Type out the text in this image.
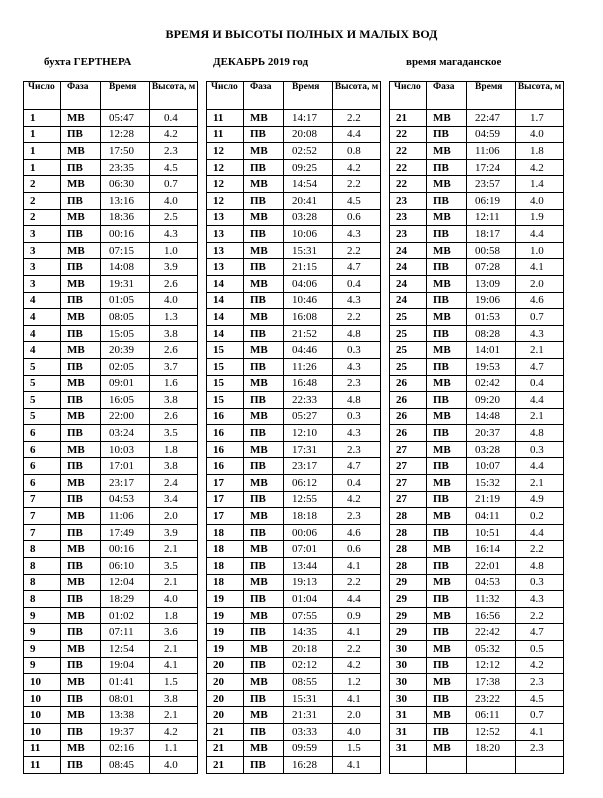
ВРЕМЯ И ВЫСОТЫ ПОЛНЫХ И МАЛЫХ ВОД
бухта ГЕРТНЕРА	ДЕКАБРЬ 2019 год	время магаданское
Число	Фаза	Время	Высота, м		Число	Фаза	Время	Высота, м		Число	Фаза	Время	Высота, м
1	МВ	05:47	0.4		11	МВ	14:17	2.2		21	МВ	22:47	1.7
1	ПВ	12:28	4.2		11	ПВ	20:08	4.4		22	ПВ	04:59	4.0
1	МВ	17:50	2.3		12	МВ	02:52	0.8		22	МВ	11:06	1.8
1	ПВ	23:35	4.5		12	ПВ	09:25	4.2		22	ПВ	17:24	4.2
2	МВ	06:30	0.7		12	МВ	14:54	2.2		22	МВ	23:57	1.4
2	ПВ	13:16	4.0		12	ПВ	20:41	4.5		23	ПВ	06:19	4.0
2	МВ	18:36	2.5		13	МВ	03:28	0.6		23	МВ	12:11	1.9
3	ПВ	00:16	4.3		13	ПВ	10:06	4.3		23	ПВ	18:17	4.4
3	МВ	07:15	1.0		13	МВ	15:31	2.2		24	МВ	00:58	1.0
3	ПВ	14:08	3.9		13	ПВ	21:15	4.7		24	ПВ	07:28	4.1
3	МВ	19:31	2.6		14	МВ	04:06	0.4		24	МВ	13:09	2.0
4	ПВ	01:05	4.0		14	ПВ	10:46	4.3		24	ПВ	19:06	4.6
4	МВ	08:05	1.3		14	МВ	16:08	2.2		25	МВ	01:53	0.7
4	ПВ	15:05	3.8		14	ПВ	21:52	4.8		25	ПВ	08:28	4.3
4	МВ	20:39	2.6		15	МВ	04:46	0.3		25	МВ	14:01	2.1
5	ПВ	02:05	3.7		15	ПВ	11:26	4.3		25	ПВ	19:53	4.7
5	МВ	09:01	1.6		15	МВ	16:48	2.3		26	МВ	02:42	0.4
5	ПВ	16:05	3.8		15	ПВ	22:33	4.8		26	ПВ	09:20	4.4
5	МВ	22:00	2.6		16	МВ	05:27	0.3		26	МВ	14:48	2.1
6	ПВ	03:24	3.5		16	ПВ	12:10	4.3		26	ПВ	20:37	4.8
6	МВ	10:03	1.8		16	МВ	17:31	2.3		27	МВ	03:28	0.3
6	ПВ	17:01	3.8		16	ПВ	23:17	4.7		27	ПВ	10:07	4.4
6	МВ	23:17	2.4		17	МВ	06:12	0.4		27	МВ	15:32	2.1
7	ПВ	04:53	3.4		17	ПВ	12:55	4.2		27	ПВ	21:19	4.9
7	МВ	11:06	2.0		17	МВ	18:18	2.3		28	МВ	04:11	0.2
7	ПВ	17:49	3.9		18	ПВ	00:06	4.6		28	ПВ	10:51	4.4
8	МВ	00:16	2.1		18	МВ	07:01	0.6		28	МВ	16:14	2.2
8	ПВ	06:10	3.5		18	ПВ	13:44	4.1		28	ПВ	22:01	4.8
8	МВ	12:04	2.1		18	МВ	19:13	2.2		29	МВ	04:53	0.3
8	ПВ	18:29	4.0		19	ПВ	01:04	4.4		29	ПВ	11:32	4.3
9	МВ	01:02	1.8		19	МВ	07:55	0.9		29	МВ	16:56	2.2
9	ПВ	07:11	3.6		19	ПВ	14:35	4.1		29	ПВ	22:42	4.7
9	МВ	12:54	2.1		19	МВ	20:18	2.2		30	МВ	05:32	0.5
9	ПВ	19:04	4.1		20	ПВ	02:12	4.2		30	ПВ	12:12	4.2
10	МВ	01:41	1.5		20	МВ	08:55	1.2		30	МВ	17:38	2.3
10	ПВ	08:01	3.8		20	ПВ	15:31	4.1		30	ПВ	23:22	4.5
10	МВ	13:38	2.1		20	МВ	21:31	2.0		31	МВ	06:11	0.7
10	ПВ	19:37	4.2		21	ПВ	03:33	4.0		31	ПВ	12:52	4.1
11	МВ	02:16	1.1		21	МВ	09:59	1.5		31	МВ	18:20	2.3
11	ПВ	08:45	4.0		21	ПВ	16:28	4.1					
